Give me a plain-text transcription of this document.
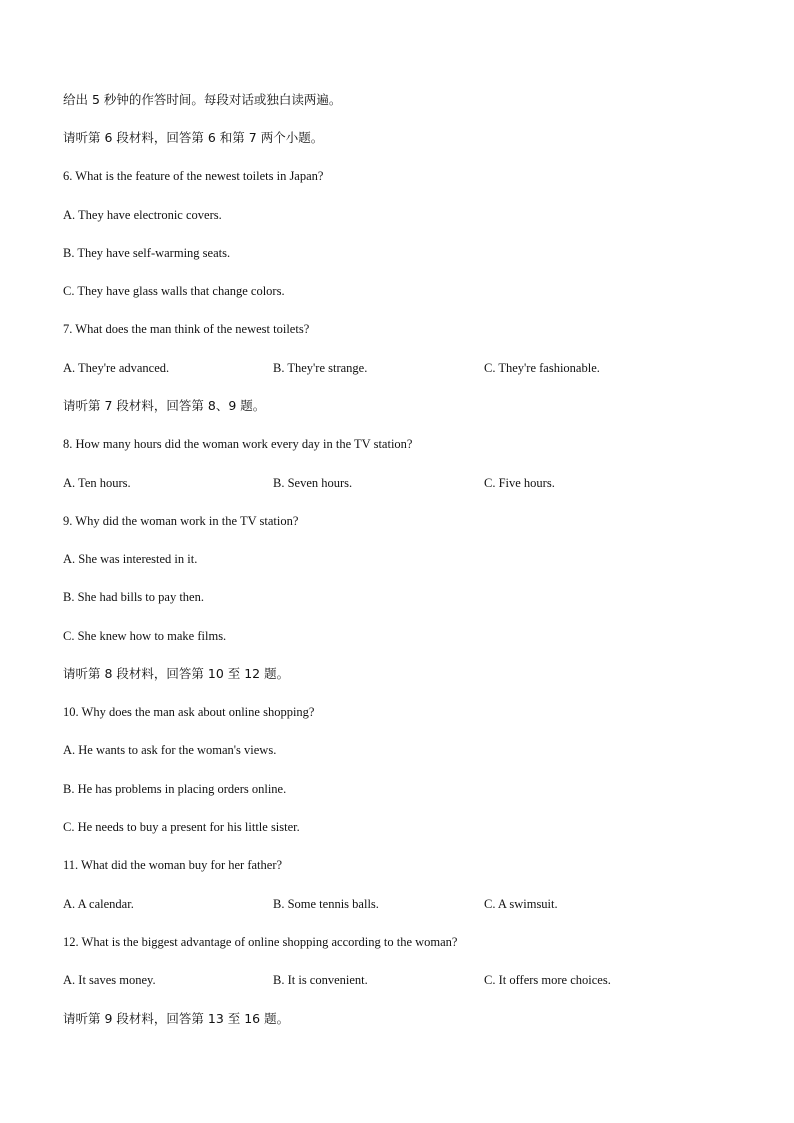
给出 5 秒钟的作答时间。每段对话或独白读两遍。
请听第 6 段材料，回答第 6 和第 7 两个小题。
6. What is the feature of the newest toilets in Japan?
A. They have electronic covers.
B. They have self-warming seats.
C. They have glass walls that change colors.
7. What does the man think of the newest toilets?
A. They're advanced.	B. They're strange.	C. They're fashionable.
请听第 7 段材料，回答第 8、9 题。
8. How many hours did the woman work every day in the TV station?
A. Ten hours.	B. Seven hours.	C. Five hours.
9. Why did the woman work in the TV station?
A. She was interested in it.
B. She had bills to pay then.
C. She knew how to make films.
请听第 8 段材料，回答第 10 至 12 题。
10. Why does the man ask about online shopping?
A. He wants to ask for the woman's views.
B. He has problems in placing orders online.
C. He needs to buy a present for his little sister.
11. What did the woman buy for her father?
A. A calendar.	B. Some tennis balls.	C. A swimsuit.
12. What is the biggest advantage of online shopping according to the woman?
A. It saves money.	B. It is convenient.	C. It offers more choices.
请听第 9 段材料，回答第 13 至 16 题。
